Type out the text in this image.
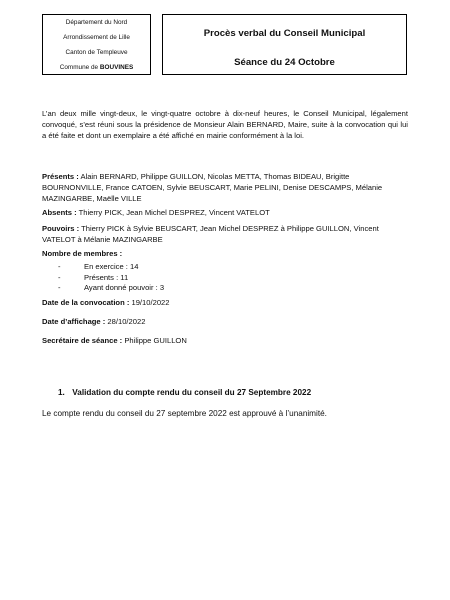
Département du Nord
Arrondissement de Lille
Canton de Templeuve
Commune de BOUVINES
Procès verbal du Conseil Municipal
Séance du 24 Octobre
L’an deux mille vingt-deux, le vingt-quatre octobre à dix-neuf heures, le Conseil Municipal, légalement convoqué, s’est réuni sous la présidence de Monsieur Alain BERNARD, Maire, suite à la convocation qui lui a été faite et dont un exemplaire a été affiché en mairie conformément à la loi.
Présents : Alain BERNARD, Philippe GUILLON, Nicolas METTA, Thomas BIDEAU, Brigitte BOURNONVILLE, France CATOEN, Sylvie BEUSCART, Marie PELINI, Denise DESCAMPS, Mélanie MAZINGARBE, Maëlle VILLE
Absents : Thierry PICK, Jean Michel DESPREZ, Vincent VATELOT
Pouvoirs : Thierry PICK à Sylvie BEUSCART, Jean Michel DESPREZ à Philippe GUILLON, Vincent VATELOT à Mélanie MAZINGARBE
Nombre de membres :
-	En exercice : 14
-	Présents : 11
-	Ayant donné pouvoir : 3
Date de la convocation : 19/10/2022
Date d’affichage : 28/10/2022
Secrétaire de séance : Philippe GUILLON
1. Validation du compte rendu du conseil du 27 Septembre 2022
Le compte rendu du conseil du 27 septembre 2022 est approuvé à l’unanimité.
